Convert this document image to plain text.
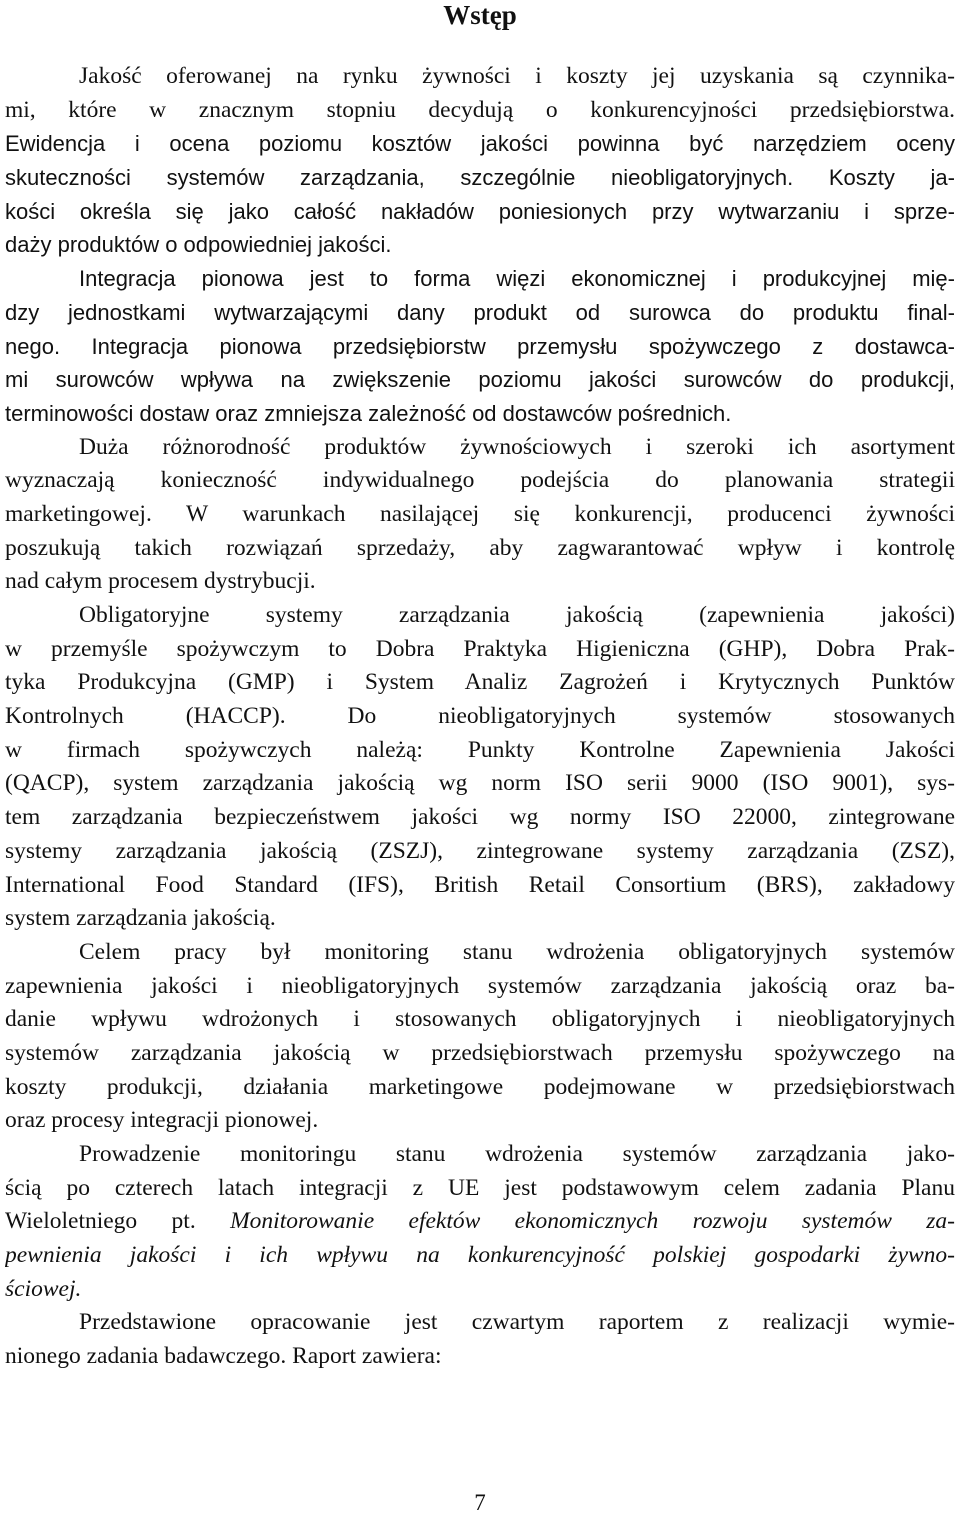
Wstęp
Jakość oferowanej na rynku żywności i koszty jej uzyskania są czynnika-
mi, które w znacznym stopniu decydują o konkurencyjności przedsiębiorstwa.
Ewidencja i ocena poziomu kosztów jakości powinna być narzędziem oceny
skuteczności systemów zarządzania, szczególnie nieobligatoryjnych. Koszty ja-
kości określa się jako całość nakładów poniesionych przy wytwarzaniu i sprze-
daży produktów o odpowiedniej jakości.
Integracja pionowa jest to forma więzi ekonomicznej i produkcyjnej mię-
dzy jednostkami wytwarzającymi dany produkt od surowca do produktu final-
nego. Integracja pionowa przedsiębiorstw przemysłu spożywczego z dostawca-
mi surowców wpływa na zwiększenie poziomu jakości surowców do produkcji,
terminowości dostaw oraz zmniejsza zależność od dostawców pośrednich.
Duża różnorodność produktów żywnościowych i szeroki ich asortyment
wyznaczają konieczność indywidualnego podejścia do planowania strategii
marketingowej. W warunkach nasilającej się konkurencji, producenci żywności
poszukują takich rozwiązań sprzedaży, aby zagwarantować wpływ i kontrolę
nad całym procesem dystrybucji.
Obligatoryjne systemy zarządzania jakością (zapewnienia jakości)
w przemyśle spożywczym to Dobra Praktyka Higieniczna (GHP), Dobra Prak-
tyka Produkcyjna (GMP) i System Analiz Zagrożeń i Krytycznych Punktów
Kontrolnych (HACCP). Do nieobligatoryjnych systemów stosowanych
w firmach spożywczych należą: Punkty Kontrolne Zapewnienia Jakości
(QACP), system zarządzania jakością wg norm ISO serii 9000 (ISO 9001), sys-
tem zarządzania bezpieczeństwem jakości wg normy ISO 22000, zintegrowane
systemy zarządzania jakością (ZSZJ), zintegrowane systemy zarządzania (ZSZ),
International Food Standard (IFS), British Retail Consortium (BRS), zakładowy
system zarządzania jakością.
Celem pracy był monitoring stanu wdrożenia obligatoryjnych systemów
zapewnienia jakości i nieobligatoryjnych systemów zarządzania jakością oraz ba-
danie wpływu wdrożonych i stosowanych obligatoryjnych i nieobligatoryjnych
systemów zarządzania jakością w przedsiębiorstwach przemysłu spożywczego na
koszty produkcji, działania marketingowe podejmowane w przedsiębiorstwach
oraz procesy integracji pionowej.
Prowadzenie monitoringu stanu wdrożenia systemów zarządzania jako-
ścią po czterech latach integracji z UE jest podstawowym celem zadania Planu
Wieloletniego pt. Monitorowanie efektów ekonomicznych rozwoju systemów za-
pewnienia jakości i ich wpływu na konkurencyjność polskiej gospodarki żywno-
ściowej.
Przedstawione opracowanie jest czwartym raportem z realizacji wymie-
nionego zadania badawczego. Raport zawiera:
7
